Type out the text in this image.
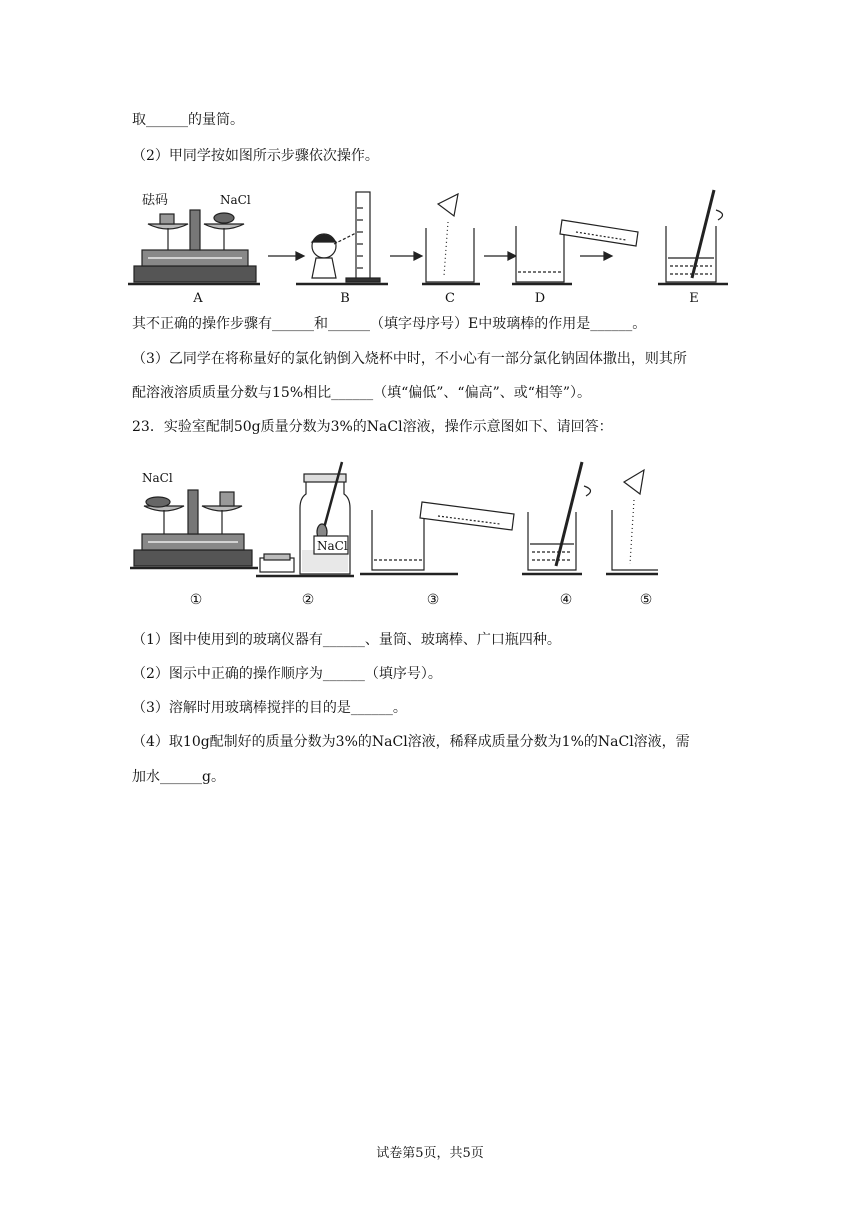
取______的量筒。
（2）甲同学按如图所示步骤依次操作。
砝码	NaCl
A	B	C	D	E
其不正确的操作步骤有______和______（填字母序号）E中玻璃棒的作用是______。
（3）乙同学在将称量好的氯化钠倒入烧杯中时，不小心有一部分氯化钠固体撒出，则其所
配溶液溶质质量分数与15%相比______（填“偏低”、“偏高”、或“相等”）。
23．实验室配制50g质量分数为3%的NaCl溶液，操作示意图如下、请回答：
NaCl
NaCl
①	②	③	④	⑤
（1）图中使用到的玻璃仪器有______、量筒、玻璃棒、广口瓶四种。
（2）图示中正确的操作顺序为______（填序号）。
（3）溶解时用玻璃棒搅拌的目的是______。
（4）取10g配制好的质量分数为3%的NaCl溶液，稀释成质量分数为1%的NaCl溶液，需
加水______g。
试卷第5页，共5页
